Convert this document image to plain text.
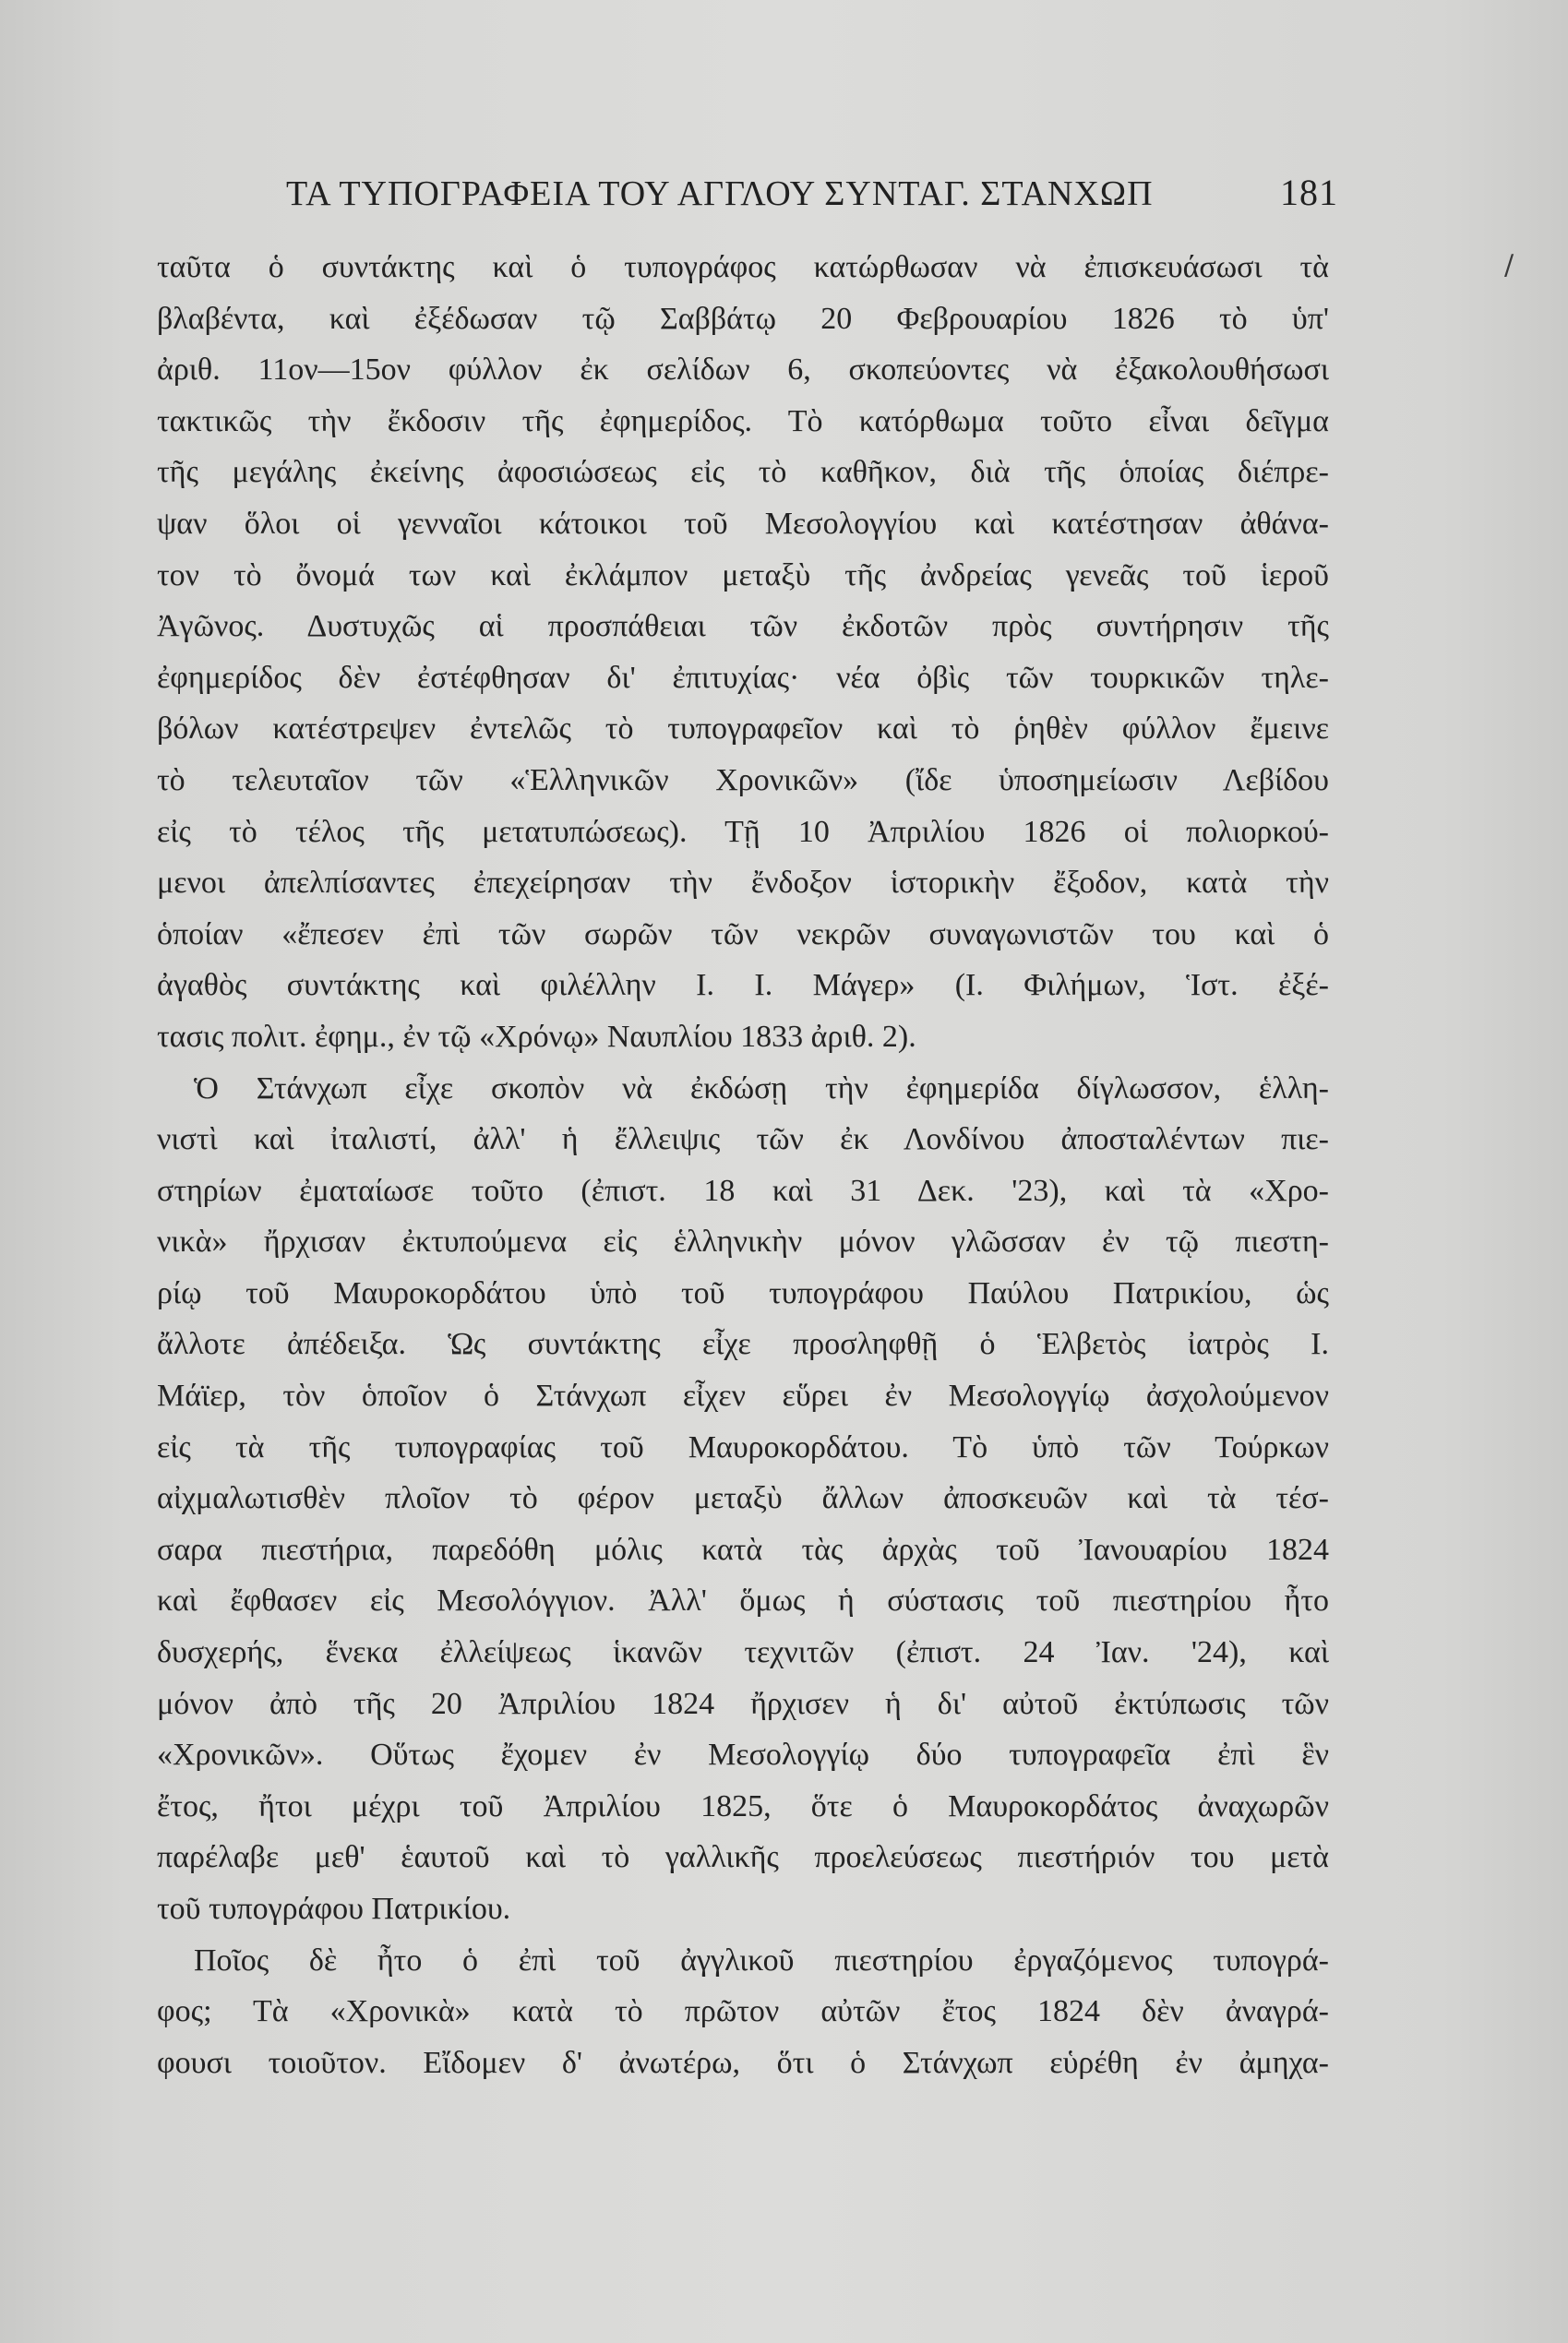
ΤΑ ΤΥΠΟΓΡΑΦΕΙΑ ΤΟΥ ΑΓΓΛΟΥ ΣΥΝΤΑΓ. ΣΤΑΝΧΩΠ	181
/
ταῦτα ὁ συντάκτης καὶ ὁ τυπογράφος κατώρθωσαν νὰ ἐπισκευάσωσι τὰ
βλαβέντα, καὶ ἐξέδωσαν τῷ Σαββάτῳ 20 Φεβρουαρίου 1826 τὸ ὑπ'
ἀριθ. 11ον—15ον φύλλον ἐκ σελίδων 6, σκοπεύοντες νὰ ἐξακολουθήσωσι
τακτικῶς τὴν ἔκδοσιν τῆς ἐφημερίδος. Τὸ κατόρθωμα τοῦτο εἶναι δεῖγμα
τῆς μεγάλης ἐκείνης ἀφοσιώσεως εἰς τὸ καθῆκον, διὰ τῆς ὁποίας διέπρε-
ψαν ὅλοι οἱ γενναῖοι κάτοικοι τοῦ Μεσολογγίου καὶ κατέστησαν ἀθάνα-
τον τὸ ὄνομά των καὶ ἐκλάμπον μεταξὺ τῆς ἀνδρείας γενεᾶς τοῦ ἱεροῦ
Ἀγῶνος. Δυστυχῶς αἱ προσπάθειαι τῶν ἐκδοτῶν πρὸς συντήρησιν τῆς
ἐφημερίδος δὲν ἐστέφθησαν δι' ἐπιτυχίας· νέα ὀβὶς τῶν τουρκικῶν τηλε-
βόλων κατέστρεψεν ἐντελῶς τὸ τυπογραφεῖον καὶ τὸ ῥηθὲν φύλλον ἔμεινε
τὸ τελευταῖον τῶν «Ἑλληνικῶν Χρονικῶν» (ἴδε ὑποσημείωσιν Λεβίδου
εἰς τὸ τέλος τῆς μετατυπώσεως). Τῇ 10 Ἀπριλίου 1826 οἱ πολιορκού-
μενοι ἀπελπίσαντες ἐπεχείρησαν τὴν ἔνδοξον ἱστορικὴν ἔξοδον, κατὰ τὴν
ὁποίαν «ἔπεσεν ἐπὶ τῶν σωρῶν τῶν νεκρῶν συναγωνιστῶν του καὶ ὁ
ἀγαθὸς συντάκτης καὶ φιλέλλην Ι. Ι. Μάγερ» (Ι. Φιλήμων, Ἱστ. ἐξέ-
τασις πολιτ. ἐφημ., ἐν τῷ «Χρόνῳ» Ναυπλίου 1833 ἀριθ. 2).
Ὁ Στάνχωπ εἶχε σκοπὸν νὰ ἐκδώσῃ τὴν ἐφημερίδα δίγλωσσον, ἑλλη-
νιστὶ καὶ ἰταλιστί, ἀλλ' ἡ ἔλλειψις τῶν ἐκ Λονδίνου ἀποσταλέντων πιε-
στηρίων ἐματαίωσε τοῦτο (ἐπιστ. 18 καὶ 31 Δεκ. '23), καὶ τὰ «Χρο-
νικὰ» ἤρχισαν ἐκτυπούμενα εἰς ἑλληνικὴν μόνον γλῶσσαν ἐν τῷ πιεστη-
ρίῳ τοῦ Μαυροκορδάτου ὑπὸ τοῦ τυπογράφου Παύλου Πατρικίου, ὡς
ἄλλοτε ἀπέδειξα. Ὡς συντάκτης εἶχε προσληφθῇ ὁ Ἑλβετὸς ἰατρὸς Ι.
Μάϊερ, τὸν ὁποῖον ὁ Στάνχωπ εἶχεν εὕρει ἐν Μεσολογγίῳ ἀσχολούμενον
εἰς τὰ τῆς τυπογραφίας τοῦ Μαυροκορδάτου. Τὸ ὑπὸ τῶν Τούρκων
αἰχμαλωτισθὲν πλοῖον τὸ φέρον μεταξὺ ἄλλων ἀποσκευῶν καὶ τὰ τέσ-
σαρα πιεστήρια, παρεδόθη μόλις κατὰ τὰς ἀρχὰς τοῦ Ἰανουαρίου 1824
καὶ ἔφθασεν εἰς Μεσολόγγιον. Ἀλλ' ὅμως ἡ σύστασις τοῦ πιεστηρίου ἦτο
δυσχερής, ἕνεκα ἐλλείψεως ἱκανῶν τεχνιτῶν (ἐπιστ. 24 Ἰαν. '24), καὶ
μόνον ἀπὸ τῆς 20 Ἀπριλίου 1824 ἤρχισεν ἡ δι' αὐτοῦ ἐκτύπωσις τῶν
«Χρονικῶν». Οὕτως ἔχομεν ἐν Μεσολογγίῳ δύο τυπογραφεῖα ἐπὶ ἓν
ἔτος, ἤτοι μέχρι τοῦ Ἀπριλίου 1825, ὅτε ὁ Μαυροκορδάτος ἀναχωρῶν
παρέλαβε μεθ' ἑαυτοῦ καὶ τὸ γαλλικῆς προελεύσεως πιεστήριόν του μετὰ
τοῦ τυπογράφου Πατρικίου.
Ποῖος δὲ ἦτο ὁ ἐπὶ τοῦ ἀγγλικοῦ πιεστηρίου ἐργαζόμενος τυπογρά-
φος; Τὰ «Χρονικὰ» κατὰ τὸ πρῶτον αὐτῶν ἔτος 1824 δὲν ἀναγρά-
φουσι τοιοῦτον. Εἴδομεν δ' ἀνωτέρω, ὅτι ὁ Στάνχωπ εὑρέθη ἐν ἀμηχα-
